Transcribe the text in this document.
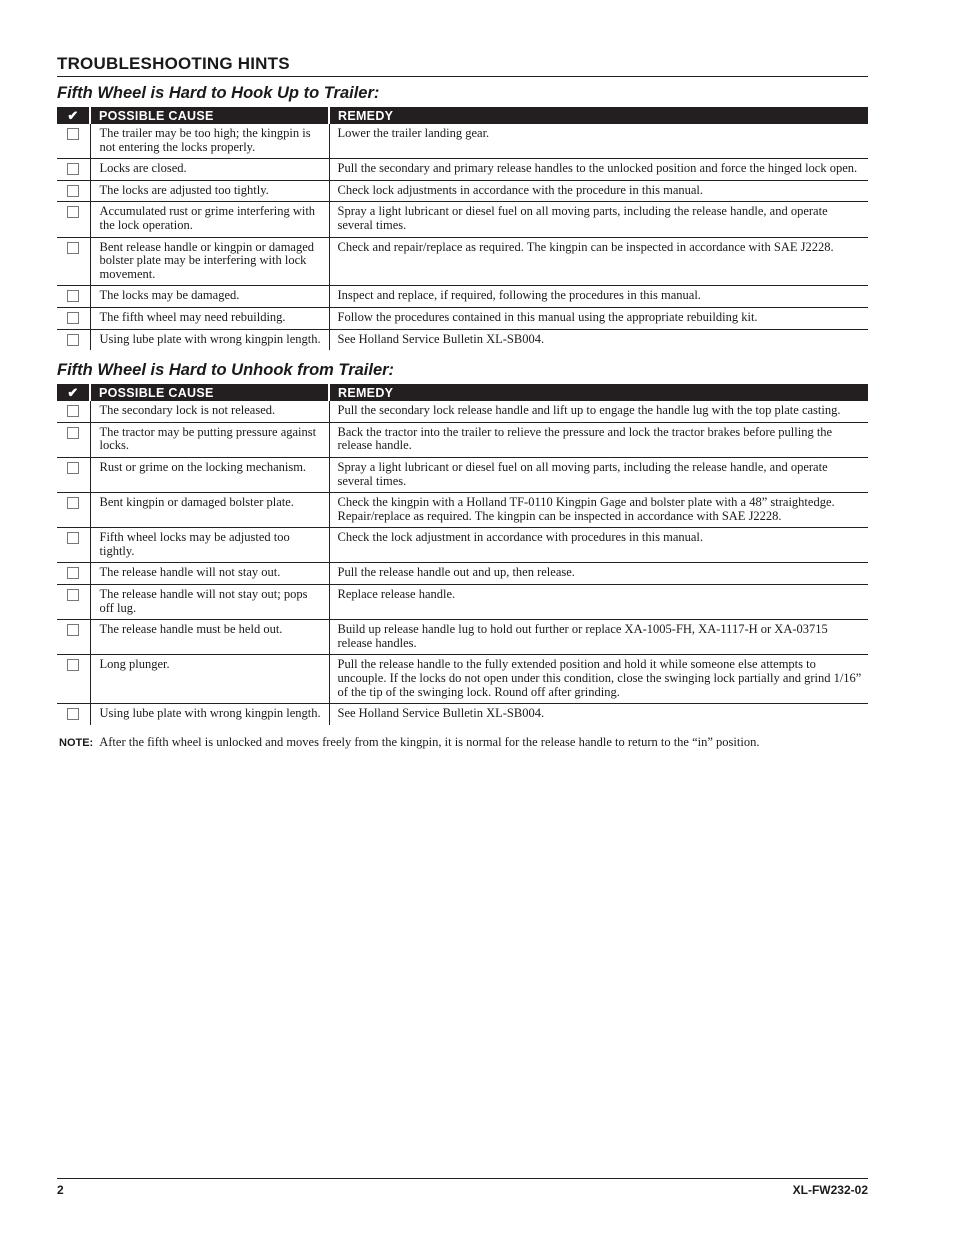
TROUBLESHOOTING HINTS
Fifth Wheel is Hard to Hook Up to Trailer:
✔	POSSIBLE CAUSE	REMEDY

	The trailer may be too high; the kingpin is not entering the locks properly.	Lower the trailer landing gear.

	Locks are closed.	Pull the secondary and primary release handles to the unlocked position and force the hinged lock open.

	The locks are adjusted too tightly.	Check lock adjustments in accordance with the procedure in this manual.

	Accumulated rust or grime interfering with the lock operation.	Spray a light lubricant or diesel fuel on all moving parts, including the release handle, and operate several times.

	Bent release handle or kingpin or damaged bolster plate may be interfering with lock movement.	Check and repair/replace as required. The kingpin can be inspected in accordance with SAE J2228.

	The locks may be damaged.	Inspect and replace, if required, following the procedures in this manual.

	The fifth wheel may need rebuilding.	Follow the procedures contained in this manual using the appropriate rebuilding kit.

	Using lube plate with wrong kingpin length.	See Holland Service Bulletin XL-SB004.
Fifth Wheel is Hard to Unhook from Trailer:
✔	POSSIBLE CAUSE	REMEDY

	The secondary lock is not released.	Pull the secondary lock release handle and lift up to engage the handle lug with the top plate casting.

	The tractor may be putting pressure against locks.	Back the tractor into the trailer to relieve the pressure and lock the tractor brakes before pulling the release handle.

	Rust or grime on the locking mechanism.	Spray a light lubricant or diesel fuel on all moving parts, including the release handle, and operate several times.

	Bent kingpin or damaged bolster plate.	Check the kingpin with a Holland TF-0110 Kingpin Gage and bolster plate with a 48” straightedge. Repair/replace as required. The kingpin can be inspected in accordance with SAE J2228.

	Fifth wheel locks may be adjusted too tightly.	Check the lock adjustment in accordance with procedures in this manual.

	The release handle will not stay out.	Pull the release handle out and up, then release.

	The release handle will not stay out; pops off lug.	Replace release handle.

	The release handle must be held out.	Build up release handle lug to hold out further or replace XA-1005-FH, XA-1117-H or XA-03715 release handles.

	Long plunger.	Pull the release handle to the fully extended position and hold it while someone else attempts to uncouple. If the locks do not open under this condition, close the swinging lock partially and grind 1/16” of the tip of the swinging lock. Round off after grinding.

	Using lube plate with wrong kingpin length.	See Holland Service Bulletin XL-SB004.
NOTE: After the fifth wheel is unlocked and moves freely from the kingpin, it is normal for the release handle to return to the “in” position.
2	XL-FW232-02
